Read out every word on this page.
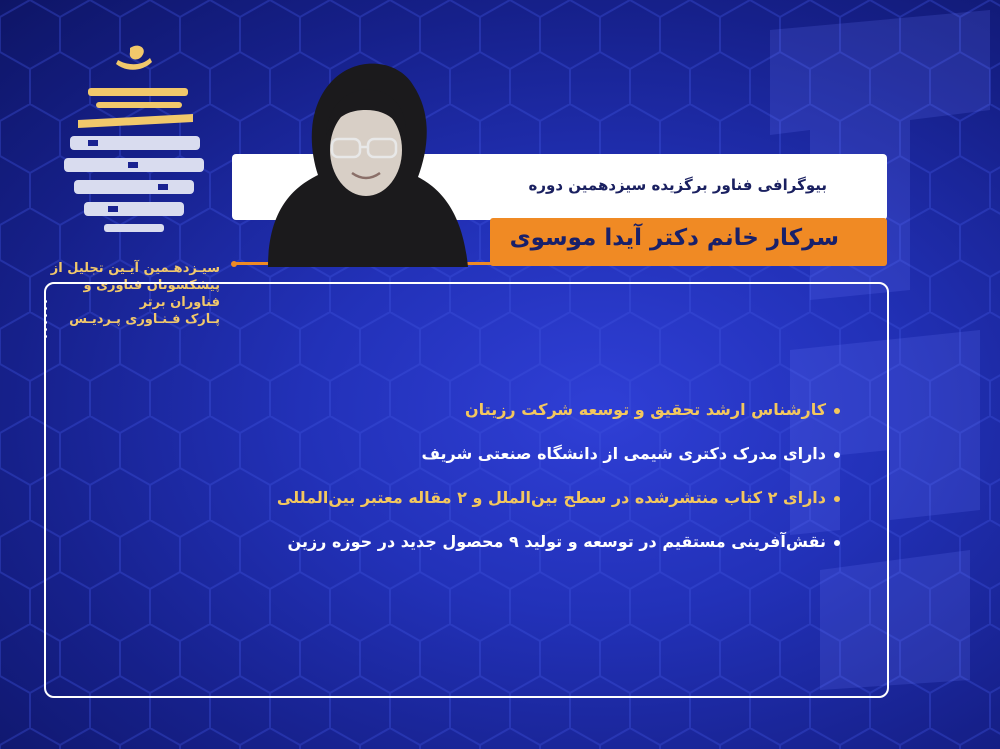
سیـزدهـمین آیـین تجلیل از
پیشکسوتان فناوری و فناوران برتر
پـارک فـنـاوری پـردیـس
بیوگرافی فناور برگزیده سیزدهمین دوره
سرکار خانم دکتر آیدا موسوی
کارشناس ارشد تحقیق و توسعه شرکت رزیتان
دارای مدرک دکتری شیمی از دانشگاه صنعتی شریف
دارای ۲ کتاب منتشرشده در سطح بین‌الملل و ۲ مقاله معتبر بین‌المللی
نقش‌آفرینی مستقیم در توسعه و تولید ۹ محصول جدید در حوزه رزین
